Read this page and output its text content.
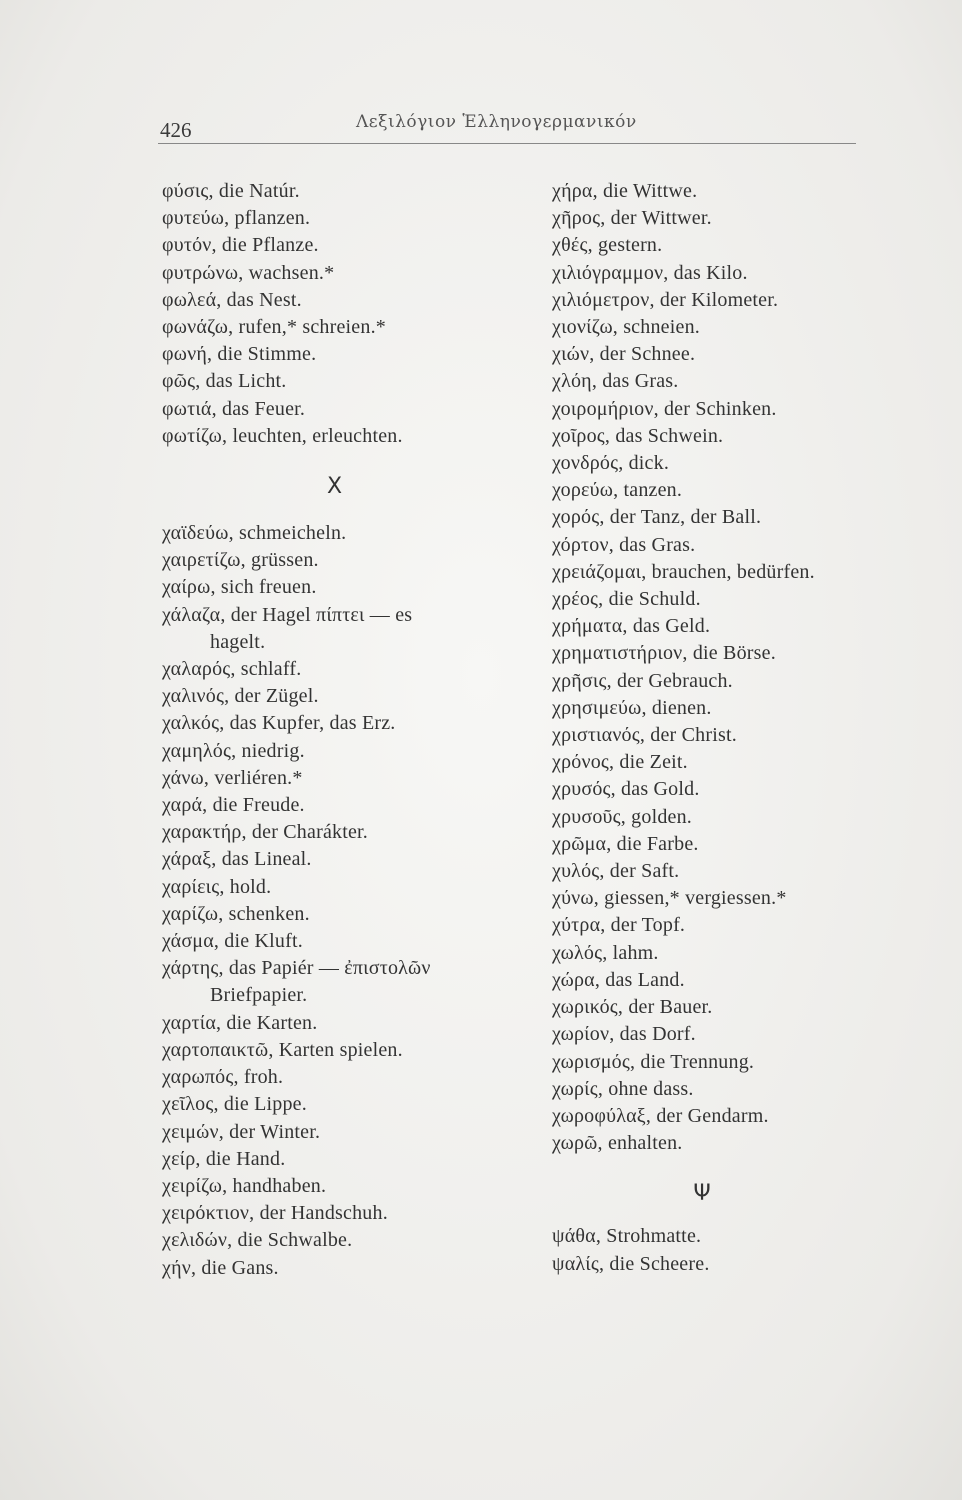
426	Λεξιλόγιον Ἑλληνογερμανικόν
φύσις, die Natúr.
φυτεύω, pflanzen.
φυτόν, die Pflanze.
φυτρώνω, wachsen.*
φωλεά, das Nest.
φωνάζω, rufen,* schreien.*
φωνή, die Stimme.
φῶς, das Licht.
φωτιά, das Feuer.
φωτίζω, leuchten, erleuchten.
X
χαϊδεύω, schmeicheln.
χαιρετίζω, grüssen.
χαίρω, sich freuen.
χάλαζα, der Hagel πίπτει — es
hagelt.
χαλαρός, schlaff.
χαλινός, der Zügel.
χαλκός, das Kupfer, das Erz.
χαμηλός, niedrig.
χάνω, verliéren.*
χαρά, die Freude.
χαρακτήρ, der Charákter.
χάραξ, das Lineal.
χαρίεις, hold.
χαρίζω, schenken.
χάσμα, die Kluft.
χάρτης, das Papiér — ἐπιστολῶν
Briefpapier.
χαρτία, die Karten.
χαρτοπαικτῶ, Karten spielen.
χαρωπός, froh.
χεῖλος, die Lippe.
χειμών, der Winter.
χείρ, die Hand.
χειρίζω, handhaben.
χειρόκτιον, der Handschuh.
χελιδών, die Schwalbe.
χήν, die Gans.
χήρα, die Wittwe.
χῆρος, der Wittwer.
χθές, gestern.
χιλιόγραμμον, das Kilo.
χιλιόμετρον, der Kilometer.
χιονίζω, schneien.
χιών, der Schnee.
χλόη, das Gras.
χοιρομήριον, der Schinken.
χοῖρος, das Schwein.
χονδρός, dick.
χορεύω, tanzen.
χορός, der Tanz, der Ball.
χόρτον, das Gras.
χρειάζομαι, brauchen, bedürfen.
χρέος, die Schuld.
χρήματα, das Geld.
χρηματιστήριον, die Börse.
χρῆσις, der Gebrauch.
χρησιμεύω, dienen.
χριστιανός, der Christ.
χρόνος, die Zeit.
χρυσός, das Gold.
χρυσοῦς, golden.
χρῶμα, die Farbe.
χυλός, der Saft.
χύνω, giessen,* vergiessen.*
χύτρα, der Topf.
χωλός, lahm.
χώρα, das Land.
χωρικός, der Bauer.
χωρίον, das Dorf.
χωρισμός, die Trennung.
χωρίς, ohne dass.
χωροφύλαξ, der Gendarm.
χωρῶ, enhalten.
Ψ
ψάθα, Strohmatte.
ψαλίς, die Scheere.
